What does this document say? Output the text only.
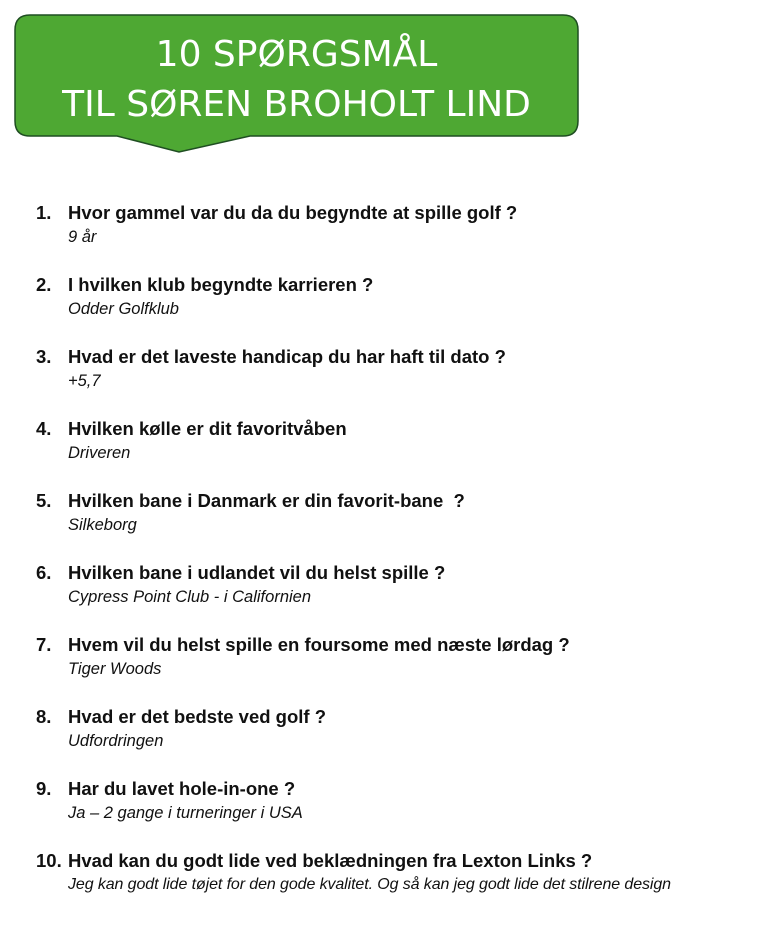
10 SPØRGSMÅL
TIL SØREN BROHOLT LIND
1. Hvor gammel var du da du begyndte at spille golf ?
9 år
2. I hvilken klub begyndte karrieren ?
Odder Golfklub
3. Hvad er det laveste handicap du har haft til dato ?
+5,7
4. Hvilken kølle er dit favoritvåben
Driveren
5. Hvilken bane i Danmark er din favorit-bane  ?
Silkeborg
6. Hvilken bane i udlandet vil du helst spille ?
Cypress Point Club - i Californien
7. Hvem vil du helst spille en foursome med næste lørdag ?
Tiger Woods
8. Hvad er det bedste ved golf ?
Udfordringen
9. Har du lavet hole-in-one ?
Ja – 2 gange i turneringer i USA
10. Hvad kan du godt lide ved beklædningen fra Lexton Links ?
Jeg kan godt lide tøjet for den gode kvalitet. Og så kan jeg godt lide det stilrene design
